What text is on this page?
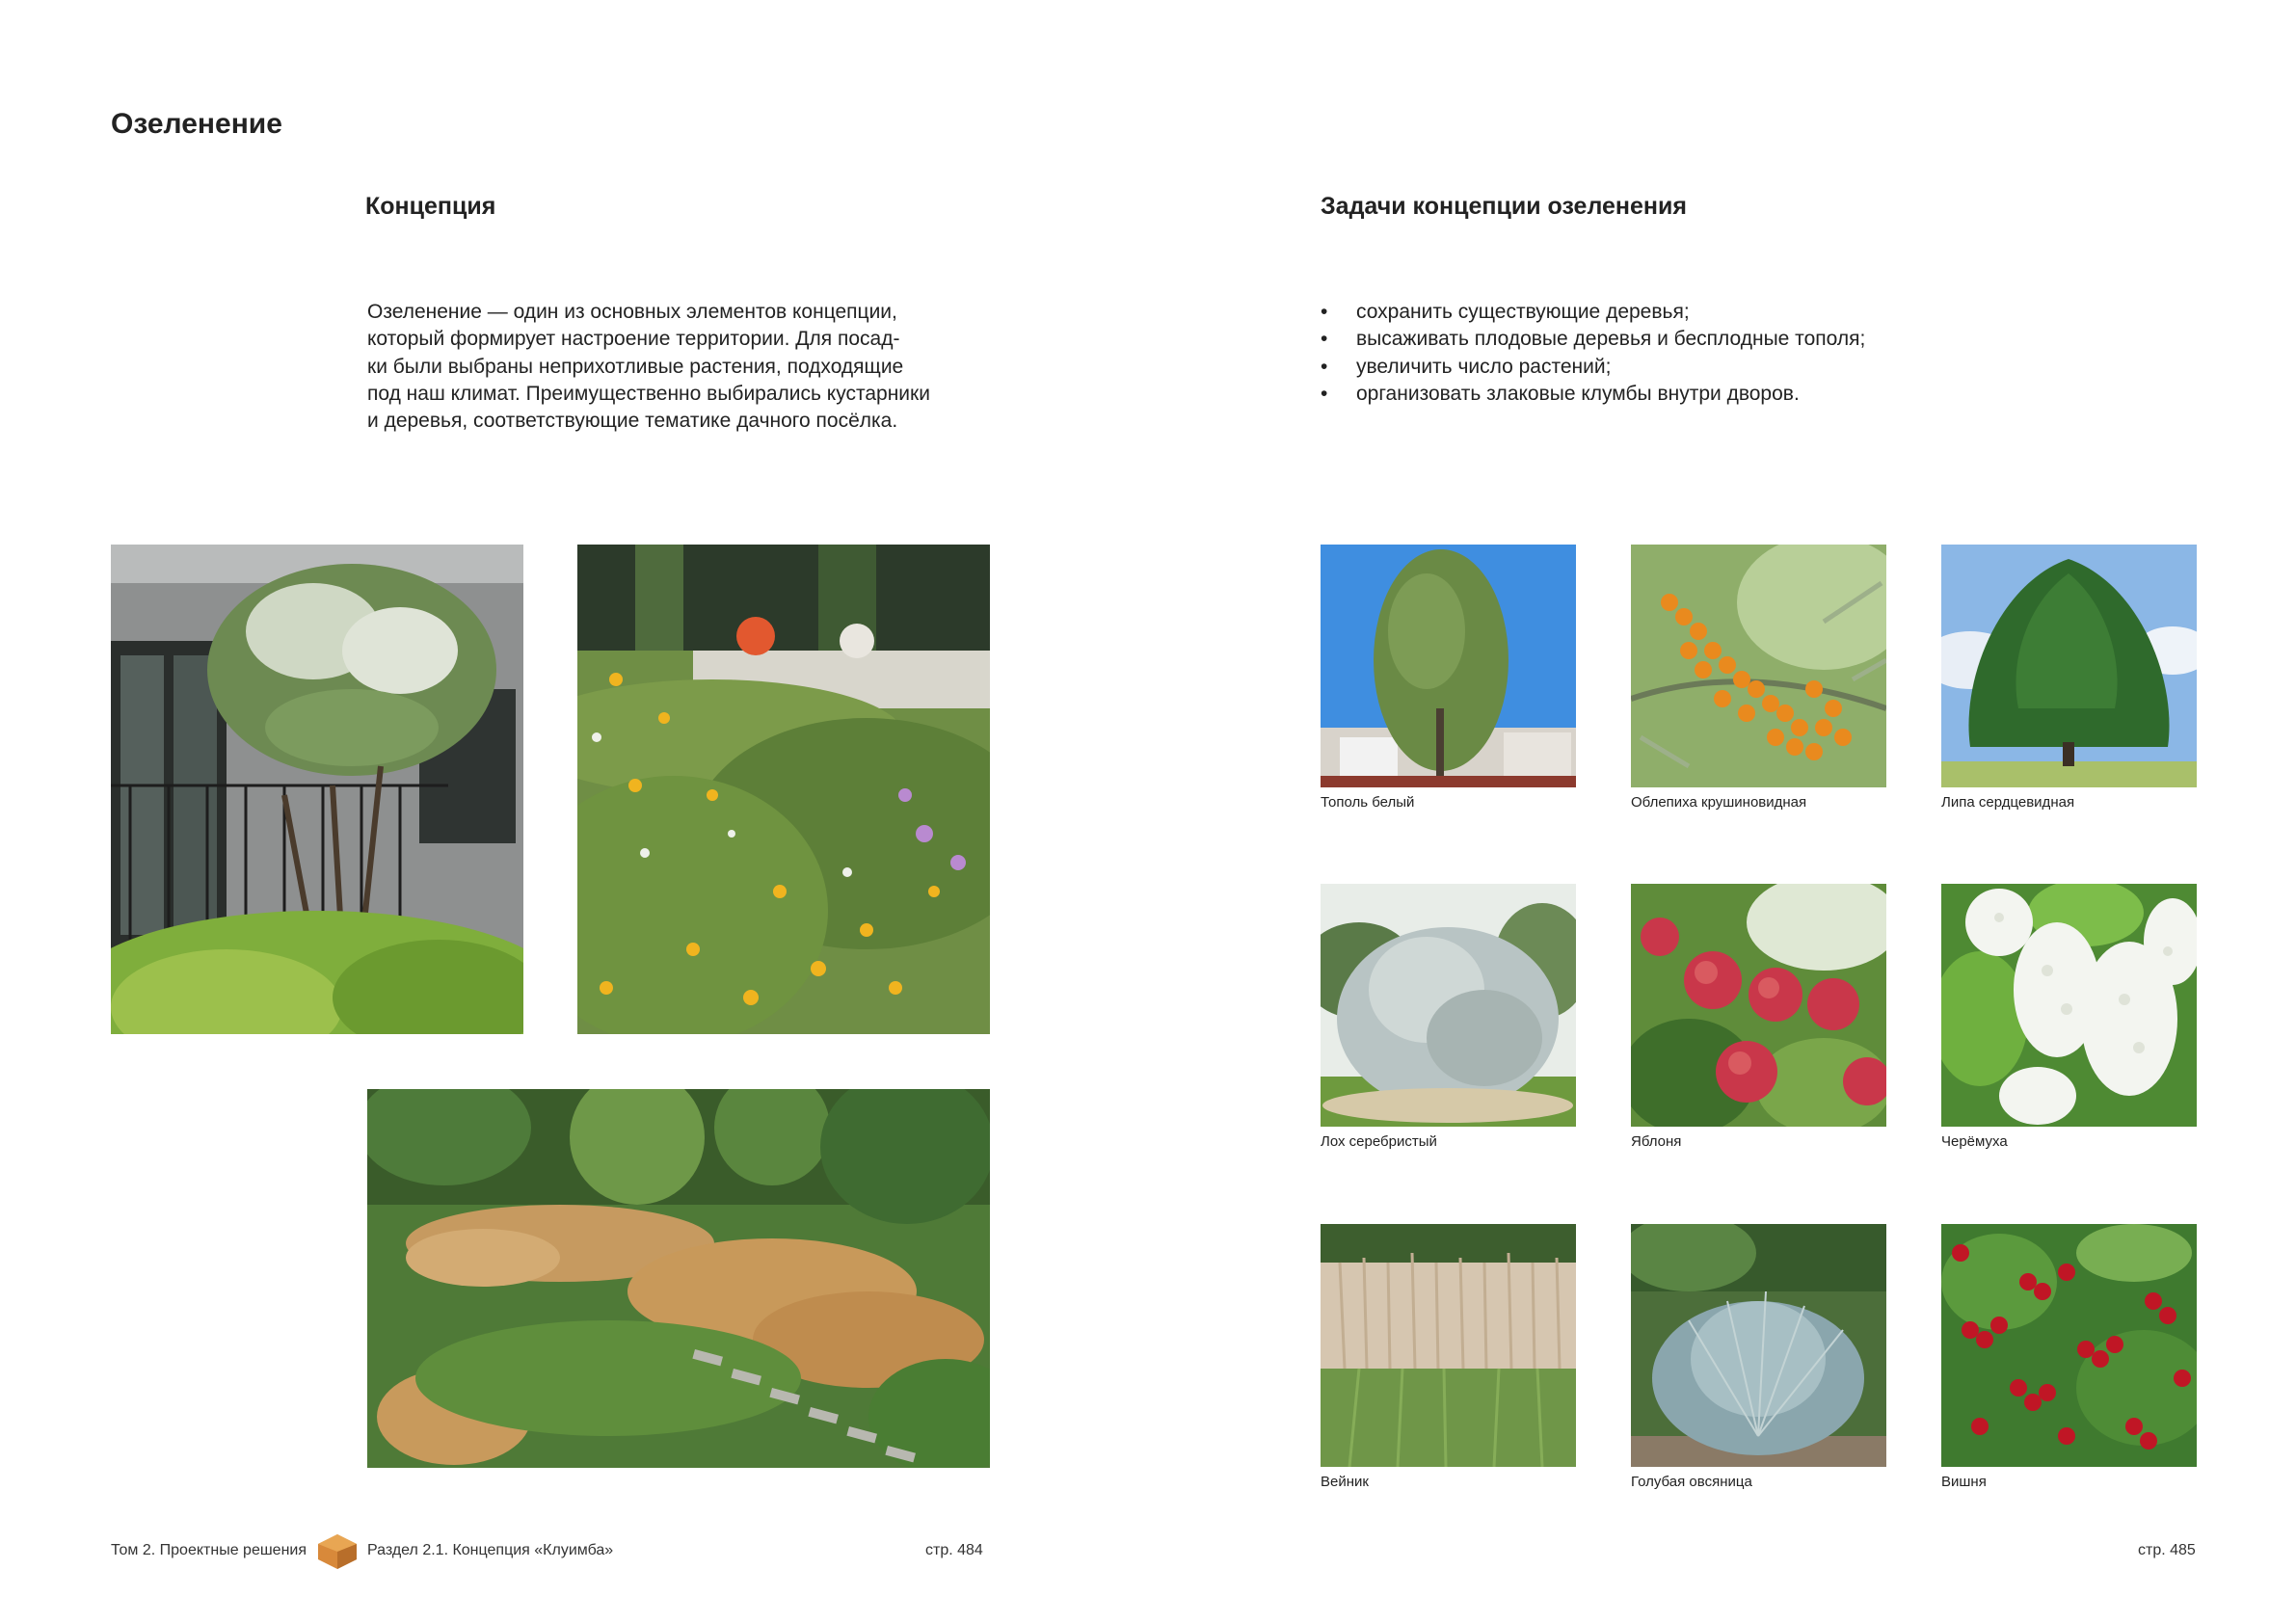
Озеленение
Концепция
Озеленение — один из основных элементов концепции,
который формирует настроение территории. Для посад-
ки были выбраны неприхотливые растения, подходящие
под наш климат. Преимущественно выбирались кустарники
и деревья, соответствующие тематике дачного посёлка.
Задачи концепции озеленения
• сохранить существующие деревья;
• высаживать плодовые деревья и бесплодные тополя;
• увеличить число растений;
• организовать злаковые клумбы внутри дворов.
Тополь белый	Облепиха крушиновидная	Липа сердцевидная
Лох серебристый	Яблоня	Черёмуха
Вейник	Голубая овсяница	Вишня
Том 2. Проектные решения	Раздел 2.1. Концепция «Клуимба»	стр. 484	стр. 485
